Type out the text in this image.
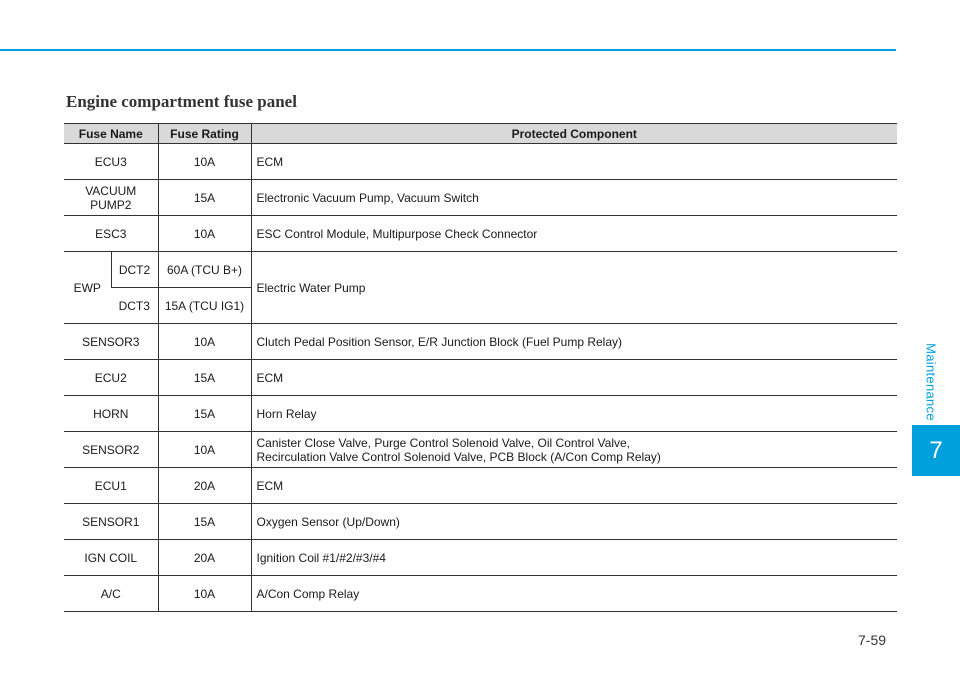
Engine compartment fuse panel
Fuse Name		Fuse Rating	Protected Component
ECU3		10A	ECM

VACUUM
PUMP2		15A	Electronic Vacuum Pump, Vacuum Switch
ESC3		10A	ESC Control Module, Multipurpose Check Connector
EWP	DCT2	60A (TCU B+)	Electric Water Pump
	DCT3	15A (TCU IG1)	
SENSOR3		10A	Clutch Pedal Position Sensor, E/R Junction Block (Fuel Pump Relay)
ECU2		15A	ECM
HORN		15A	Horn Relay
SENSOR2		10A	Canister Close Valve, Purge Control Solenoid Valve, Oil Control Valve,
Recirculation Valve Control Solenoid Valve, PCB Block (A/Con Comp Relay)

ECU1		20A	ECM
SENSOR1		15A	Oxygen Sensor (Up/Down)
IGN COIL		20A	Ignition Coil #1/#2/#3/#4
A/C		10A	A/Con Comp Relay
Maintenance
7
7-59
